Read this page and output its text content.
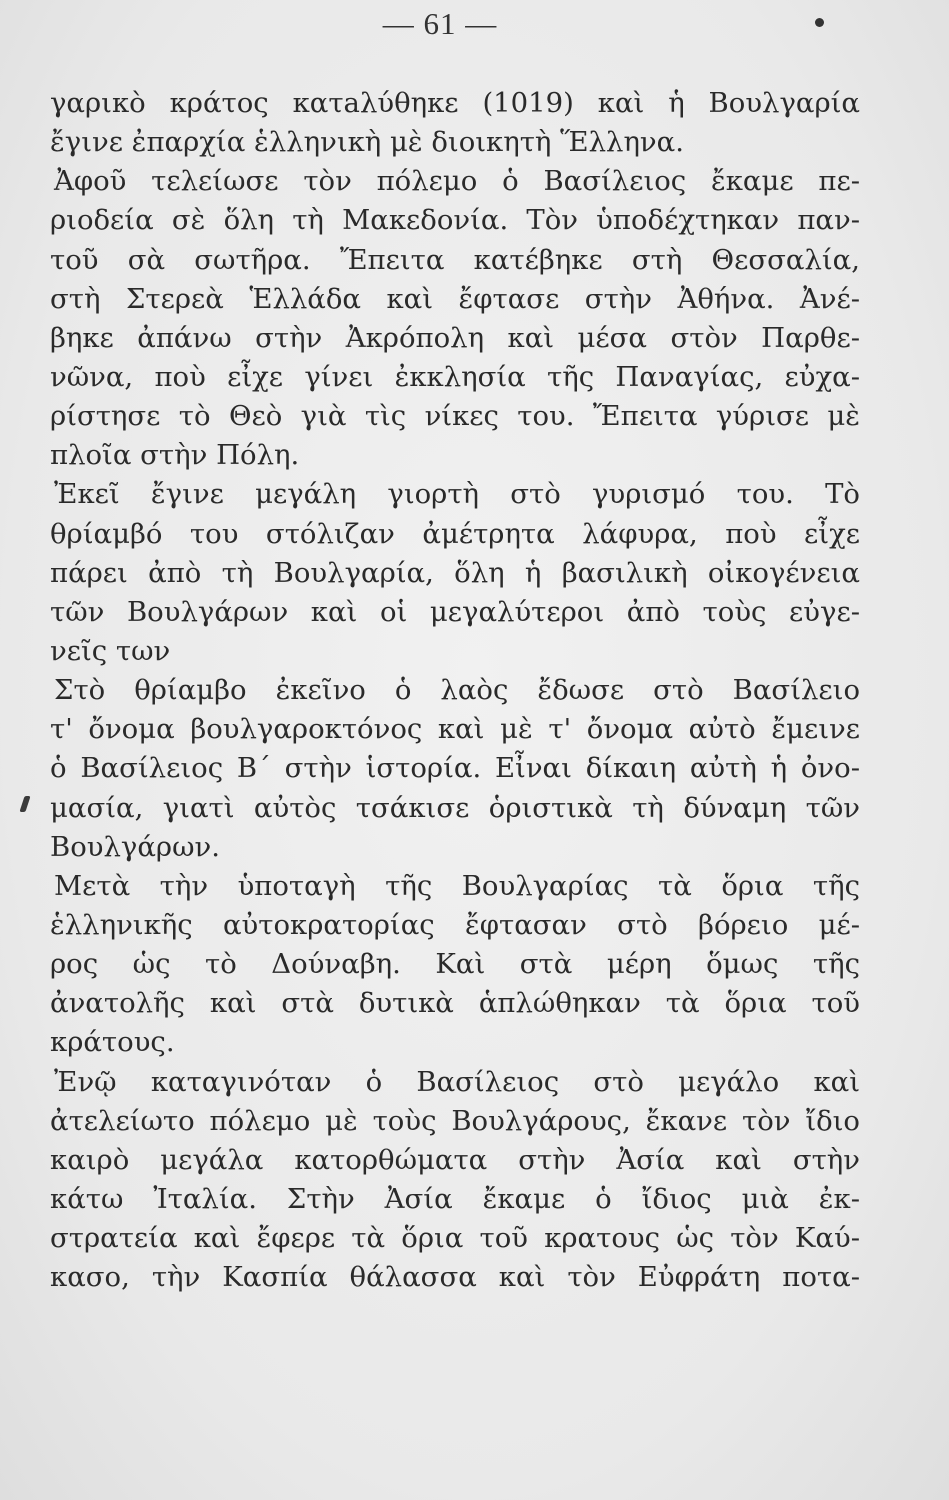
— 61 —
γαρικὸ κράτος κατaλύθηκε (1019) καὶ ἡ Βουλγαρία
ἔγινε ἐπαρχία ἑλληνικὴ μὲ διοικητὴ Ἕλληνα.
Ἀφοῦ τελείωσε τὸν πόλεμο ὁ Βασίλειος ἔκαμε πε-
ριοδεία σὲ ὅλη τὴ Μακεδονία. Τὸν ὑποδέχτηκαν παν-
τοῦ σὰ σωτῆρα. Ἔπειτα κατέβηκε στὴ Θεσσαλία,
στὴ Στερεὰ Ἑλλάδα καὶ ἔφτασε στὴν Ἀθήνα. Ἀνέ-
βηκε ἀπάνω στὴν Ἀκρόπολη καὶ μέσα στὸν Παρθε-
νῶνα, ποὺ εἶχε γίνει ἐκκλησία τῆς Παναγίας, εὐχα-
ρίστησε τὸ Θεὸ γιὰ τὶς νίκες του. Ἔπειτα γύρισε μὲ
πλοῖα στὴν Πόλη.
Ἐκεῖ ἔγινε μεγάλη γιορτὴ στὸ γυρισμό του. Τὸ
θρίαμβό του στόλιζαν ἀμέτρητα λάφυρα, ποὺ εἶχε
πάρει ἀπὸ τὴ Βουλγαρία, ὅλη ἡ βασιλικὴ οἰκογένεια
τῶν Βουλγάρων καὶ οἱ μεγαλύτεροι ἀπὸ τοὺς εὐγε-
νεῖς των
Στὸ θρίαμβο ἐκεῖνο ὁ λαὸς ἔδωσε στὸ Βασίλειο
τ' ὄνομα βουλγαροκτόνος καὶ μὲ τ' ὄνομα αὐτὸ ἔμεινε
ὁ Βασίλειος Β΄ στὴν ἱστορία. Εἶναι δίκαιη αὐτὴ ἡ ὀνο-
μασία, γιατὶ αὐτὸς τσάκισε ὁριστικὰ τὴ δύναμη τῶν
Βουλγάρων.
Μετὰ τὴν ὑποταγὴ τῆς Βουλγαρίας τὰ ὅρια τῆς
ἑλληνικῆς αὐτοκρατορίας ἔφτασαν στὸ βόρειο μέ-
ρος ὡς τὸ Δούναβη. Καὶ στὰ μέρη ὅμως τῆς
ἀνατολῆς καὶ στὰ δυτικὰ ἁπλώθηκαν τὰ ὅρια τοῦ
κράτους.
Ἐνῷ καταγινόταν ὁ Βασίλειος στὸ μεγάλο καὶ
ἀτελείωτο πόλεμο μὲ τοὺς Βουλγάρους, ἔκανε τὸν ἴδιο
καιρὸ μεγάλα κατορθώματα στὴν Ἀσία καὶ στὴν
κάτω Ἰταλία. Στὴν Ἀσία ἔκαμε ὁ ἴδιος μιὰ ἐκ-
στρατεία καὶ ἔφερε τὰ ὅρια τοῦ κρατους ὡς τὸν Καύ-
κασο, τὴν Κασπία θάλασσα καὶ τὸν Εὐφράτη ποτα-
